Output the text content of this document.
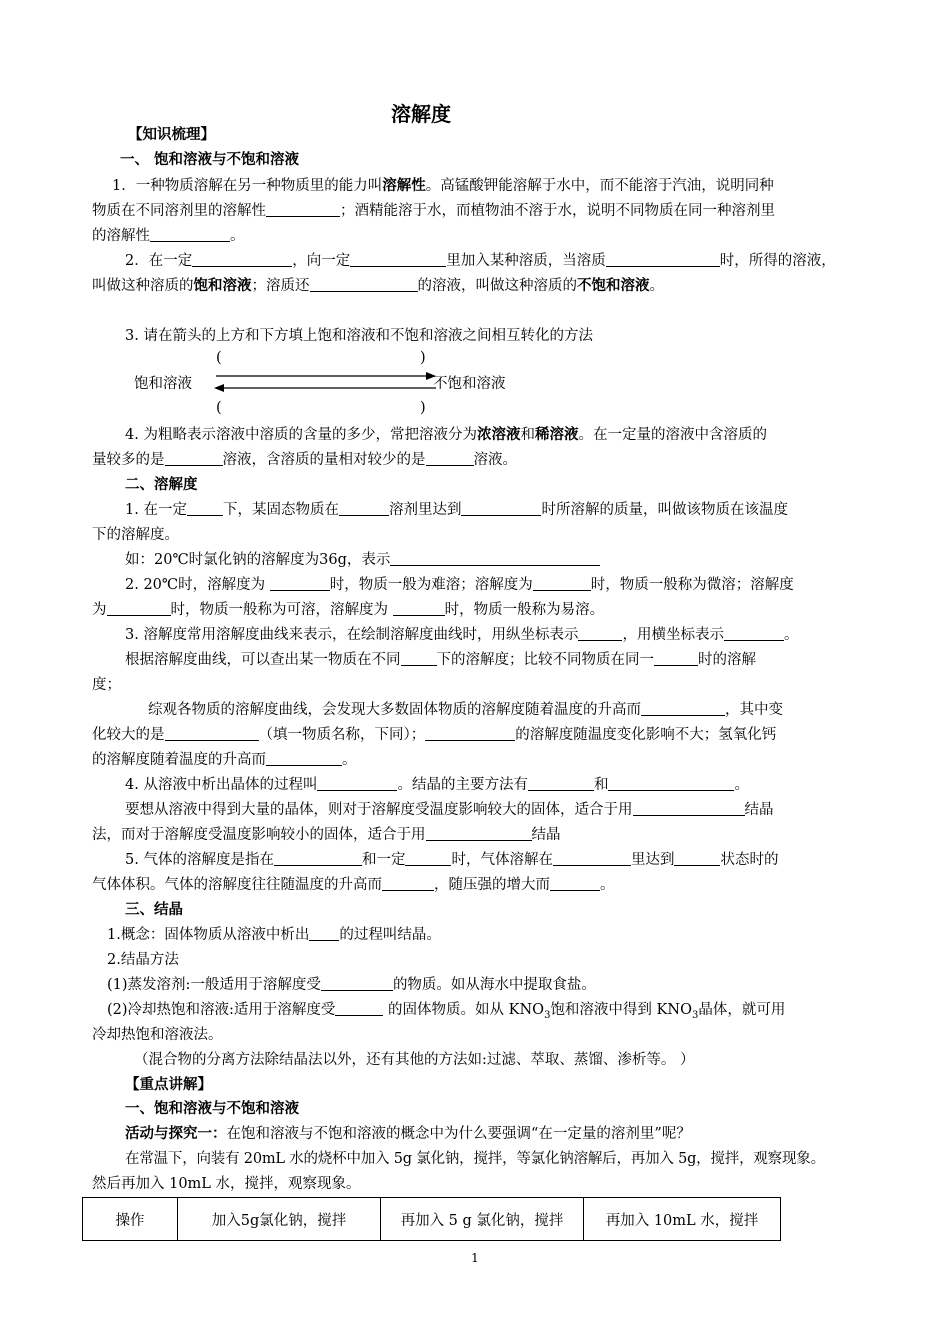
溶解度
【知识梳理】
一、 饱和溶液与不饱和溶液
1．一种物质溶解在另一种物质里的能力叫溶解性。高锰酸钾能溶解于水中，而不能溶于汽油，说明同种
物质在不同溶剂里的溶解性	；酒精能溶于水，而植物油不溶于水，说明不同物质在同一种溶剂里
的溶解性	。
2．在一定	，向一定	里加入某种溶质，当溶质	时，所得的溶液，
叫做这种溶质的饱和溶液；溶质还	的溶液，叫做这种溶质的不饱和溶液。
3. 请在箭头的上方和下方填上饱和溶液和不饱和溶液之间相互转化的方法
(	)
饱和溶液	不饱和溶液
(	)
4. 为粗略表示溶液中溶质的含量的多少，常把溶液分为浓溶液和稀溶液。在一定量的溶液中含溶质的
量较多的是	溶液，含溶质的量相对较少的是	溶液。
二、溶解度
1. 在一定 下，某固态物质在	溶剂里达到	时所溶解的质量，叫做该物质在该温度
下的溶解度。
如：20℃时氯化钠的溶解度为36g，表示
2. 20℃时，溶解度为	时，物质一般为难溶；溶解度为	时，物质一般称为微溶；溶解度
为	时，物质一般称为可溶，溶解度为	时，物质一般称为易溶。
3. 溶解度常用溶解度曲线来表示，在绘制溶解度曲线时，用纵坐标表示	，用横坐标表示	。
根据溶解度曲线，可以查出某一物质在不同 下的溶解度；比较不同物质在同一	时的溶解
度；
综观各物质的溶解度曲线，会发现大多数固体物质的溶解度随着温度的升高而	，其中变
化较大的是	（填一物质名称，下同）；	的溶解度随温度变化影响不大；氢氧化钙
的溶解度随着温度的升高而	。
4. 从溶液中析出晶体的过程叫	。结晶的主要方法有	和	。
要想从溶液中得到大量的晶体，则对于溶解度受温度影响较大的固体，适合于用	结晶
法，而对于溶解度受温度影响较小的固体，适合于用	结晶
5. 气体的溶解度是指在	和一定	时，气体溶解在	里达到	状态时的
气体体积。气体的溶解度往往随温度的升高而	，随压强的增大而	。
三、结晶
1.概念：固体物质从溶液中析出 的过程叫结晶。
2.结晶方法
(1)蒸发溶剂:一般适用于溶解度受	的物质。如从海水中提取食盐。
(2)冷却热饱和溶液:适用于溶解度受	的固体物质。如从 $KNO_3$饱和溶液中得到 $KNO_3$晶体，就可用
冷却热饱和溶液法。
（混合物的分离方法除结晶法以外，还有其他的方法如:过滤、萃取、蒸馏、渗析等。 ）
【重点讲解】
一、饱和溶液与不饱和溶液
活动与探究一：在饱和溶液与不饱和溶液的概念中为什么要强调“在一定量的溶剂里”呢？
在常温下，向装有 20mL 水的烧杯中加入 5g 氯化钠，搅拌，等氯化钠溶解后，再加入 5g，搅拌，观察现象。
然后再加入 10mL 水，搅拌，观察现象。
操作	加入5g氯化钠，搅拌	再加入 5 g 氯化钠，搅拌	再加入 10mL 水，搅拌
1
